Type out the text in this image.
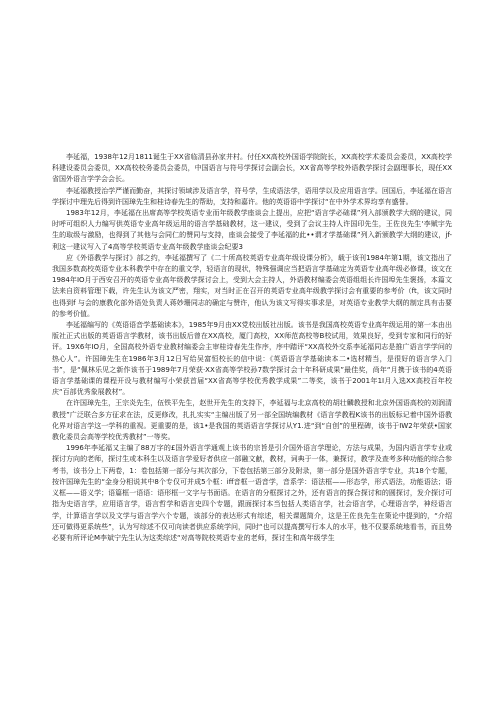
李延福，1938年12月1811诞生于XX省临清县孙家井村。付任XX高校外国语学院院长，XX高校学术委员会委员，XX高校学科建设委员会委员，XX高校校务委员会委员，中国语言与符号学探讨会副会长，XX省高等学校外语教学探讨会副理事长，现任XX省国外语言学学会会长。

李延福教授治学严谨而勤奋，其探讨领域涉及语言学，符号学，生成语法学，语用学以及应用语言学。回国后，李延福在语言学探讨中理先后得到许国璋先生和桂诗春先生的帮助，支持和嘉许。他的英语语中学探讨“在中外学术界均享有盛誉。

1983年12月，李延福在出席高等学校英语专业而年级教学座谈会上提出，应把“语言学必础课”列入部颁教学大纲的建议，同时呼可组织人力编写供英语专业高年级运用的语言学基础教材，这一建议，受到了会议主持人许国印先生，王佐良先生‘李赋宇先生的取级与激励，也得到了其他与会同仁的赞同与支持，座谈会接受了李延福的此••谓才学基础课”列入新颁教学大纲的建议，jf-利这一建议写入了4高等学校英语专业高年级教学座谈会纪要3

应《外语教学与探讨》部之约，李延福撰写了《二十所高校英语专业高年级设课分析》，载于该刊1984年第1期，该文指出了我国多数高校英语专业本科教学中存在的重文学，轻语言的现状，特殊强调应当把语言学基础定为英语专业高年级必修课，该文在1984年IO月于西安召开的英语专业高年级教学探讨会上，受到大会主持人，外语教材编委会英语组组长许国埠先生褒扬，本篇文法来自资料管理下载，许先生认为该文严密，翔实，对当时正在召开的英语专业高年级教学探讨会有重要的参考价（ft，该文同时也得到f 与会的康教化部外语处负责人蒋妙珊同志的确定与赞许，他认为该文写得实事求是，对英语专业教学大纲的制定具有击要的参考价值。

李延福编写的《英语语音学基础读本》，1985年9月由XX党校出版社出版。该书是我国高校英语专业高年级运用的第一本由出版社正式出版的英语语言学教材，该书出版后曾在XX高校，厦门高校，XX师范高校等B校试用，效果良好，受到专家和同行的好评。19X6年IO月，全国高校外语专业教材编委会主审桂诗春先生作序，序中踏评“XX高校外交系李延福同志是推广语言学学问的热心人”。许国璋先生在1986年3月12日写给吴富恒校长的信中说：《英语语言学基础读本二•选材精当，是很好的语言学入门书”，是“佩林乐见之新作该书于1989年7月荣获·XX省高等学校孙7数学探讨会十年科研成果”最佳奖，尚年“月携于该书的4英语语言学基础课的课程开设与教材编写小荣获首届“XX省高等学校优秀教学成果”二等奖，该书于2001年1I月入选XX高校百年校庆“百部优秀象展教材”。

在许国璋先生，王宗炎先生，伍铁平先生，赵世开先生的支持下，李延福与北京高校的胡壮麟教授和北京外国语高校的刘润清教授”广泛联合多方征求在法，反更修改，扎扎实实“主编出版了另一部全国统编教材《语言学教程K该书的出版标记着中国外语教化界对语言学这一学科的重视。更重要的是，该1•是我国的英语语言学探讨从Y1.进“到“自创”的里程碑，该书于IW2年荣获•国家教化委员会高等学校优秀教材”一等奖。

1996年李延福又主编了88万字的£国外语言学通观上该书的宗旨是引介国外语言学理论，方法与成果，为国内语言学专业或探讨方向的老师，探讨生或本科生以及语言学爱好者供应一部融文献，教材，词典于一体，兼探讨，教学及查考多种功能的综合参考书，该书分上下两卷，1：卷包括第一部分与其次部分，下卷包括第三部分及附录，第一部分是国外语言学专业，共18个专题，按许国璋先生的“金身分相说其中8个专仅可并成5个框：iff音框一语音学，音系学：语法框——形态学，形式语法，功能语法；语义框——语义学；语篇框一语语：语形框一文字与书面语。在语言的分框探讨之外，还有语言的探合探讨和的圆探讨，发介探讨可指为史语言学，应用语言学，语言哲学和语言史四个专题，跟面探讨本当包括人类语言学，社会语言学，心理语言学，神经语言学，计算语言学以及文学与语言学六个专题，该部分的表达形式有综述，相关课题简介，这是王佐良先生在策论中提到的，“介绍还可做得更系统些”，认为写综述不仅可向读者供应系统学问，同时“也可以提高撰写行本人的水平，他不仅要系统地看书，而且势必要有所评论M李斌宁先生认为这类综述“对高等院校英语专业的老师，探讨生和高年级学生
